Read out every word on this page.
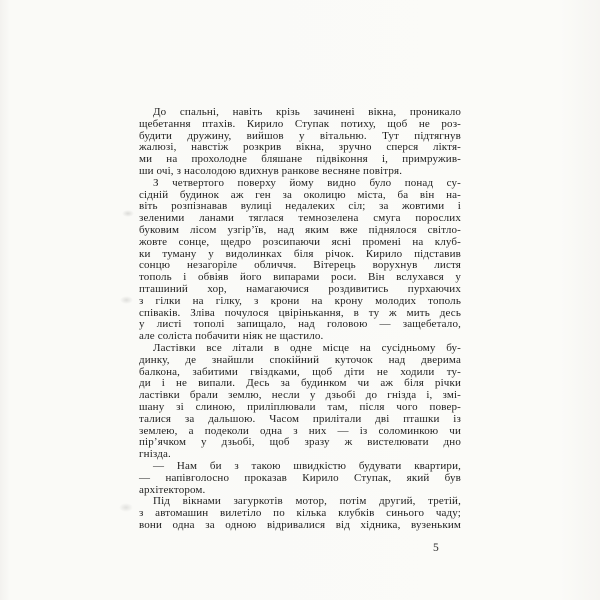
До спальні, навіть крізь зачинені вікна, проникало
щебетання птахів. Кирило Ступак потиху, щоб не роз-
будити дружину, вийшов у вітальню. Тут підтягнув
жалюзі, навстіж розкрив вікна, зручно сперся ліктя-
ми на прохолодне бляшане підвіконня і, примружив-
ши очі, з насолодою вдихнув ранкове весняне повітря.
З четвертого поверху йому видно було понад су-
сідній будинок аж ген за околицю міста, ба він на-
віть розпізнавав вулиці недалеких сіл; за жовтими і
зеленими ланами тяглася темнозелена смуга порослих
буковим лісом узгір’їв, над яким вже піднялося світло-
жовте сонце, щедро розсипаючи ясні промені на клуб-
ки туману у видолинках біля річок. Кирило підставив
сонцю незагоріле обличчя. Вітерець ворухнув листя
тополь і обвіяв його випарами роси. Він вслухався у
пташиний хор, намагаючися роздивитись пурхаючих
з гілки на гілку, з крони на крону молодих тополь
співаків. Зліва почулося цвірінькання, в ту ж мить десь
у листі тополі запищало, над головою — защебетало,
але соліста побачити ніяк не щастило.
Ластівки все літали в одне місце на сусідньому бу-
динку, де знайшли спокійний куточок над дверима
балкона, забитими гвіздками, щоб діти не ходили ту-
ди і не випали. Десь за будинком чи аж біля річки
ластівки брали землю, несли у дзьобі до гнізда і, змі-
шану зі слиною, приліплювали там, після чого повер-
талися за дальшою. Часом прилітали дві пташки із
землею, а подеколи одна з них — із соломинкою чи
пір’ячком у дзьобі, щоб зразу ж вистелювати дно
гнізда.
— Нам би з такою швидкістю будувати квартири,
— напівголосно проказав Кирило Ступак, який був
архітектором.
Під вікнами загуркотів мотор, потім другий, третій,
з автомашин вилетіло по кілька клубків синього чаду;
вони одна за одною відривалися від хідника, вузеньким
5
